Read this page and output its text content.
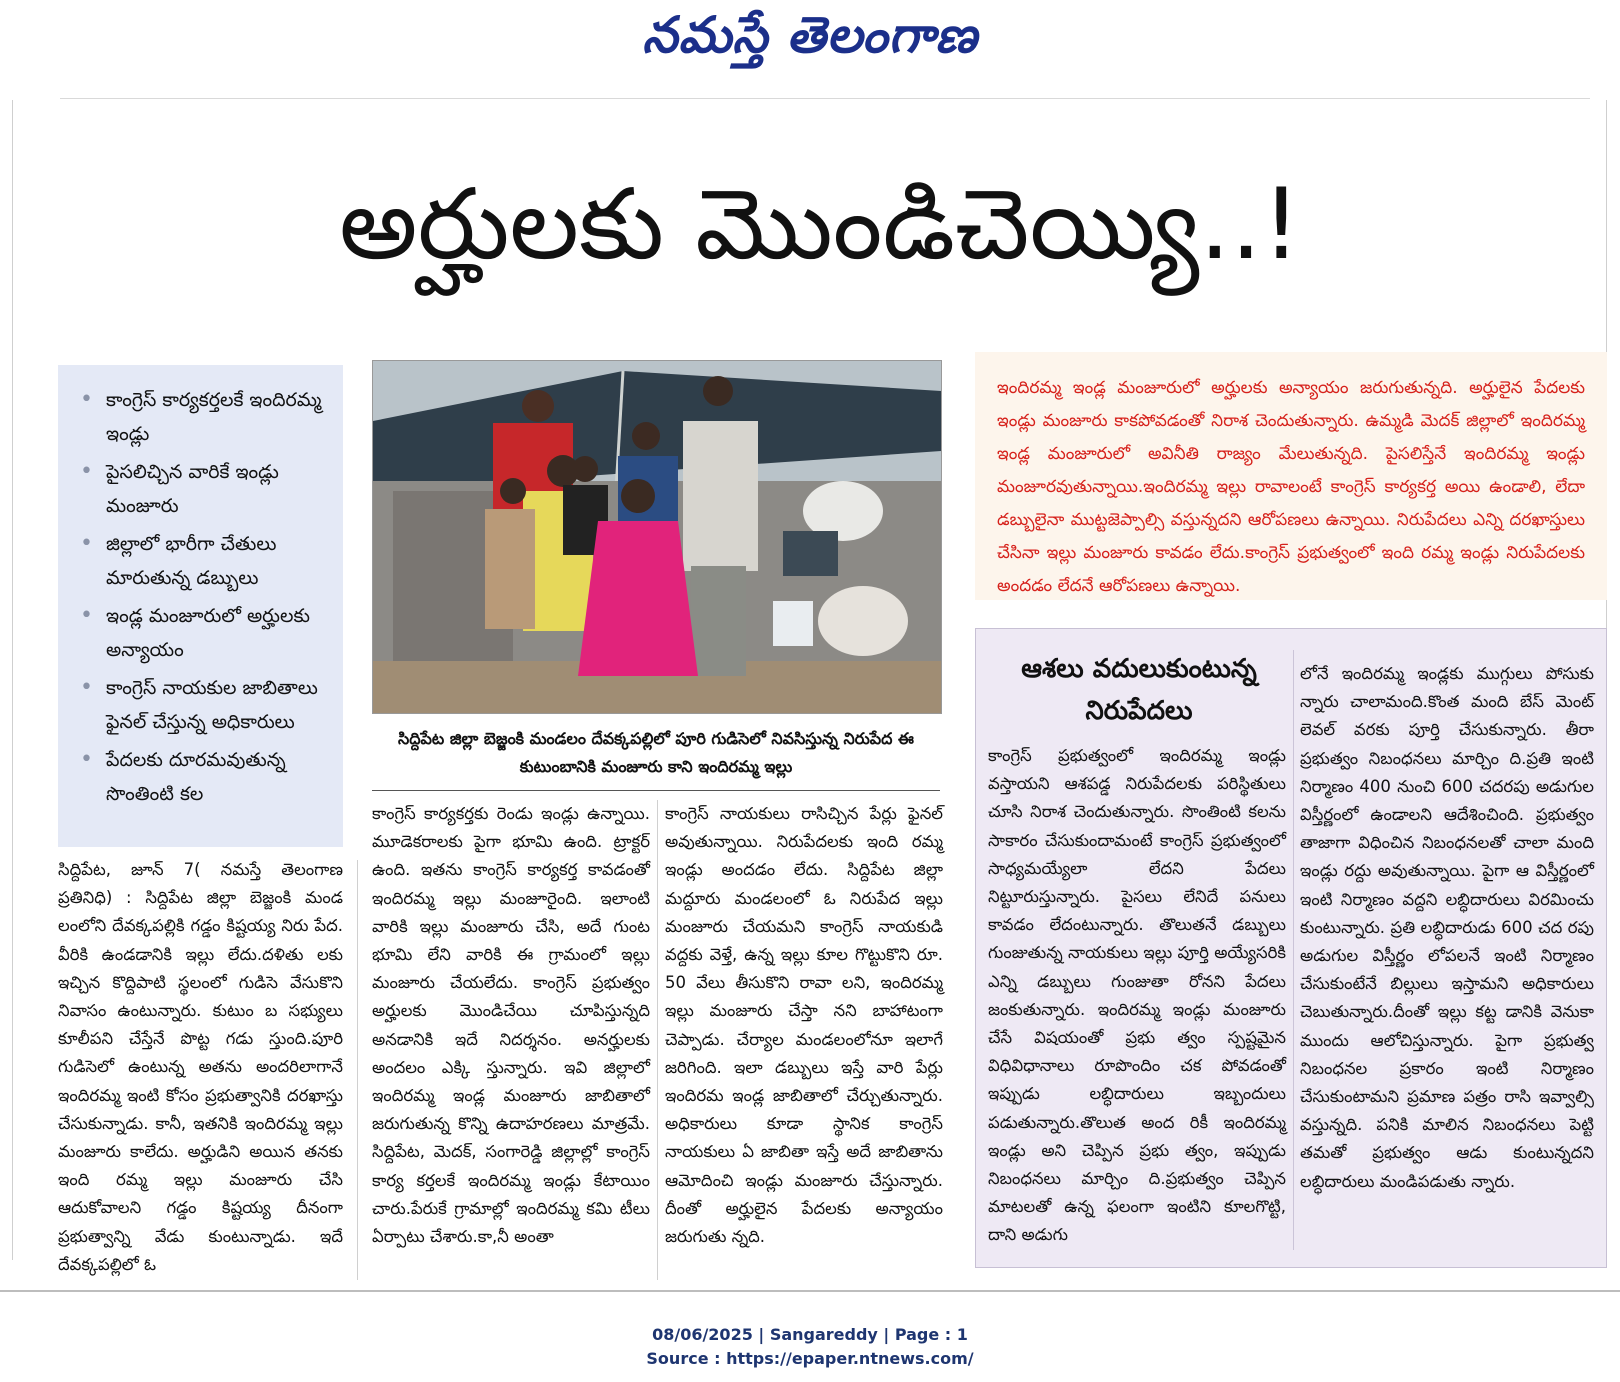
నమస్తే తెలంగాణ
అర్హులకు మొండిచెయ్యి..!
• కాంగ్రెస్ కార్యకర్తలకే ఇందిరమ్మ ఇండ్లు
• పైసలిచ్చిన వారికే ఇండ్లు మంజూరు
• జిల్లాలో భారీగా చేతులు మారుతున్న డబ్బులు
• ఇండ్ల మంజూరులో అర్హులకు అన్యాయం
• కాంగ్రెస్ నాయకుల జాబితాలు ఫైనల్ చేస్తున్న అధికారులు
• పేదలకు దూరమవుతున్న సొంతింటి కల
సిద్దిపేట జిల్లా బెజ్జంకి మండలం దేవక్కపల్లిలో పూరి గుడిసెలో నివసిస్తున్న నిరుపేద ఈ కుటుంబానికి మంజూరు కాని ఇందిరమ్మ ఇల్లు
సిద్దిపేట, జూన్ 7( నమస్తే తెలంగాణ ప్రతినిధి) : సిద్దిపేట జిల్లా బెజ్జంకి మండ లంలోని దేవక్కపల్లికి గడ్డం కిష్టయ్య నిరు పేద. వీరికి ఉండడానికి ఇల్లు లేదు.దళితు లకు ఇచ్చిన కొద్దిపాటి స్థలంలో గుడిసె వేసుకొని నివాసం ఉంటున్నారు. కుటుం బ సభ్యులు కూలీపని చేస్తేనే పొట్ట గడు స్తుంది.పూరి గుడిసెలో ఉంటున్న అతను అందరిలాగానే ఇందిరమ్మ ఇంటి కోసం ప్రభుత్వానికి దరఖాస్తు చేసుకున్నాడు. కానీ, ఇతనికి ఇందిరమ్మ ఇల్లు మంజూరు కాలేదు. అర్హుడిని అయిన తనకు ఇంది రమ్మ ఇల్లు మంజూరు చేసి ఆదుకోవాలని గడ్డం కిష్టయ్య దీనంగా ప్రభుత్వాన్ని వేడు కుంటున్నాడు. ఇదే దేవక్కపల్లిలో ఓ
కాంగ్రెస్ కార్యకర్తకు రెండు ఇండ్లు ఉన్నాయి. మూడెకరాలకు పైగా భూమి ఉంది. ట్రాక్టర్ ఉంది. ఇతను కాంగ్రెస్ కార్యకర్త కావడంతో ఇందిరమ్మ ఇల్లు మంజూరైంది. ఇలాంటి వారికి ఇల్లు మంజూరు చేసి, అదే గుంట భూమి లేని వారికి ఈ గ్రామంలో ఇల్లు మంజూరు చేయలేదు. కాంగ్రెస్ ప్రభుత్వం అర్హులకు మొండిచేయి చూపిస్తున్నది అనడానికి ఇదే నిదర్శనం. అనర్హులకు అందలం ఎక్కి స్తున్నారు. ఇవి జిల్లాలో ఇందిరమ్మ ఇండ్ల మంజూరు జాబితాలో జరుగుతున్న కొన్ని ఉదాహరణలు మాత్రమే. సిద్దిపేట, మెదక్, సంగారెడ్డి జిల్లాల్లో కాంగ్రెస్ కార్య కర్తలకే ఇందిరమ్మ ఇండ్లు కేటాయిం చారు.పేరుకే గ్రామాల్లో ఇందిరమ్మ కమి టీలు ఏర్పాటు చేశారు.కా,నీ అంతా
కాంగ్రెస్ నాయకులు రాసిచ్చిన పేర్లు ఫైనల్ అవుతున్నాయి. నిరుపేదలకు ఇంది రమ్మ ఇండ్లు అందడం లేదు. సిద్దిపేట జిల్లా మద్దూరు మండలంలో ఓ నిరుపేద ఇల్లు మంజూరు చేయమని కాంగ్రెస్ నాయకుడి వద్దకు వెళ్తే, ఉన్న ఇల్లు కూల గొట్టుకొని రూ. 50 వేలు తీసుకొని రావా లని, ఇందిరమ్మ ఇల్లు మంజూరు చేస్తా నని బాహాటంగా చెప్పాడు. చేర్యాల మండలంలోనూ ఇలాగే జరిగింది. ఇలా డబ్బులు ఇస్తే వారి పేర్లు ఇందిరమ ఇండ్ల జాబితాలో చేర్చుతున్నారు. అధికారులు కూడా స్థానిక కాంగ్రెస్ నాయకులు ఏ జాబితా ఇస్తే అదే జాబితాను ఆమోదించి ఇండ్లు మంజూరు చేస్తున్నారు. దీంతో అర్హులైన పేదలకు అన్యాయం జరుగుతు న్నది.
ఇందిరమ్మ ఇండ్ల మంజూరులో అర్హులకు అన్యాయం జరుగుతున్నది. అర్హులైన పేదలకు ఇండ్లు మంజూరు కాకపోవడంతో నిరాశ చెందుతున్నారు. ఉమ్మడి మెదక్ జిల్లాలో ఇందిరమ్మ ఇండ్ల మంజూరులో అవినీతి రాజ్యం మేలుతున్నది. పైసలిస్తేనే ఇందిరమ్మ ఇండ్లు మంజూరవుతున్నాయి.ఇందిరమ్మ ఇల్లు రావాలంటే కాంగ్రెస్ కార్యకర్త అయి ఉండాలి, లేదా డబ్బులైనా ముట్టజెప్పాల్సి వస్తున్నదని ఆరోపణలు ఉన్నాయి. నిరుపేదలు ఎన్ని దరఖాస్తులు చేసినా ఇల్లు మంజూరు కావడం లేదు.కాంగ్రెస్ ప్రభుత్వంలో ఇంది రమ్మ ఇండ్లు నిరుపేదలకు అందడం లేదనే ఆరోపణలు ఉన్నాయి.
ఆశలు వదులుకుంటున్న
నిరుపేదలు
కాంగ్రెస్ ప్రభుత్వంలో ఇందిరమ్మ ఇండ్లు వస్తాయని ఆశపడ్డ నిరుపేదలకు పరిస్థితులు చూసి నిరాశ చెందుతున్నారు. సొంతింటి కలను సాకారం చేసుకుందామంటే కాంగ్రెస్ ప్రభుత్వంలో సాధ్యమయ్యేలా లేదని పేదలు నిట్టూరుస్తున్నారు. పైసలు లేనిదే పనులు కావడం లేదంటున్నారు. తొలుతనే డబ్బులు గుంజుతున్న నాయకులు ఇల్లు పూర్తి అయ్యేసరికి ఎన్ని డబ్బులు గుంజుతా రోనని పేదలు జంకుతున్నారు. ఇందిరమ్మ ఇండ్లు మంజూరు చేసే విషయంతో ప్రభు త్వం స్పష్టమైన విధివిధానాలు రూపొందిం చక పోవడంతో ఇప్పుడు లబ్ధిదారులు ఇబ్బందులు పడుతున్నారు.తొలుత అంద రికీ ఇందిరమ్మ ఇండ్లు అని చెప్పిన ప్రభు త్వం, ఇప్పుడు నిబంధనలు మార్చిం ది.ప్రభుత్వం చెప్పిన మాటలతో ఉన్న ఫలంగా ఇంటిని కూలగొట్టి, దాని అడుగు
లోనే ఇందిరమ్మ ఇండ్లకు ముగ్గులు పోసుకు న్నారు చాలామంది.కొంత మంది బేస్ మెంట్ లెవల్ వరకు పూర్తి చేసుకున్నారు. తీరా ప్రభుత్వం నిబంధనలు మార్చిం ది.ప్రతి ఇంటి నిర్మాణం 400 నుంచి 600 చదరపు అడుగుల విస్తీర్ణంలో ఉండాలని ఆదేశించింది. ప్రభుత్వం తాజాగా విధించిన నిబంధనలతో చాలా మంది ఇండ్లు రద్దు అవుతున్నాయి. పైగా ఆ విస్తీర్ణంలో ఇంటి నిర్మాణం వద్దని లబ్ధిదారులు విరమించు కుంటున్నారు. ప్రతి లబ్ధిదారుడు 600 చద రపు అడుగుల విస్తీర్ణం లోపలనే ఇంటి నిర్మాణం చేసుకుంటేనే బిల్లులు ఇస్తామని అధికారులు చెబుతున్నారు.దీంతో ఇల్లు కట్ట డానికి వెనుకా ముందు ఆలోచిస్తున్నారు. పైగా ప్రభుత్వ నిబంధనల ప్రకారం ఇంటి నిర్మాణం చేసుకుంటామని ప్రమాణ పత్రం రాసి ఇవ్వాల్సి వస్తున్నది. పనికి మాలిన నిబంధనలు పెట్టి తమతో ప్రభుత్వం ఆడు కుంటున్నదని లబ్ధిదారులు మండిపడుతు న్నారు.
08/06/2025 | Sangareddy | Page : 1
Source : https://epaper.ntnews.com/
